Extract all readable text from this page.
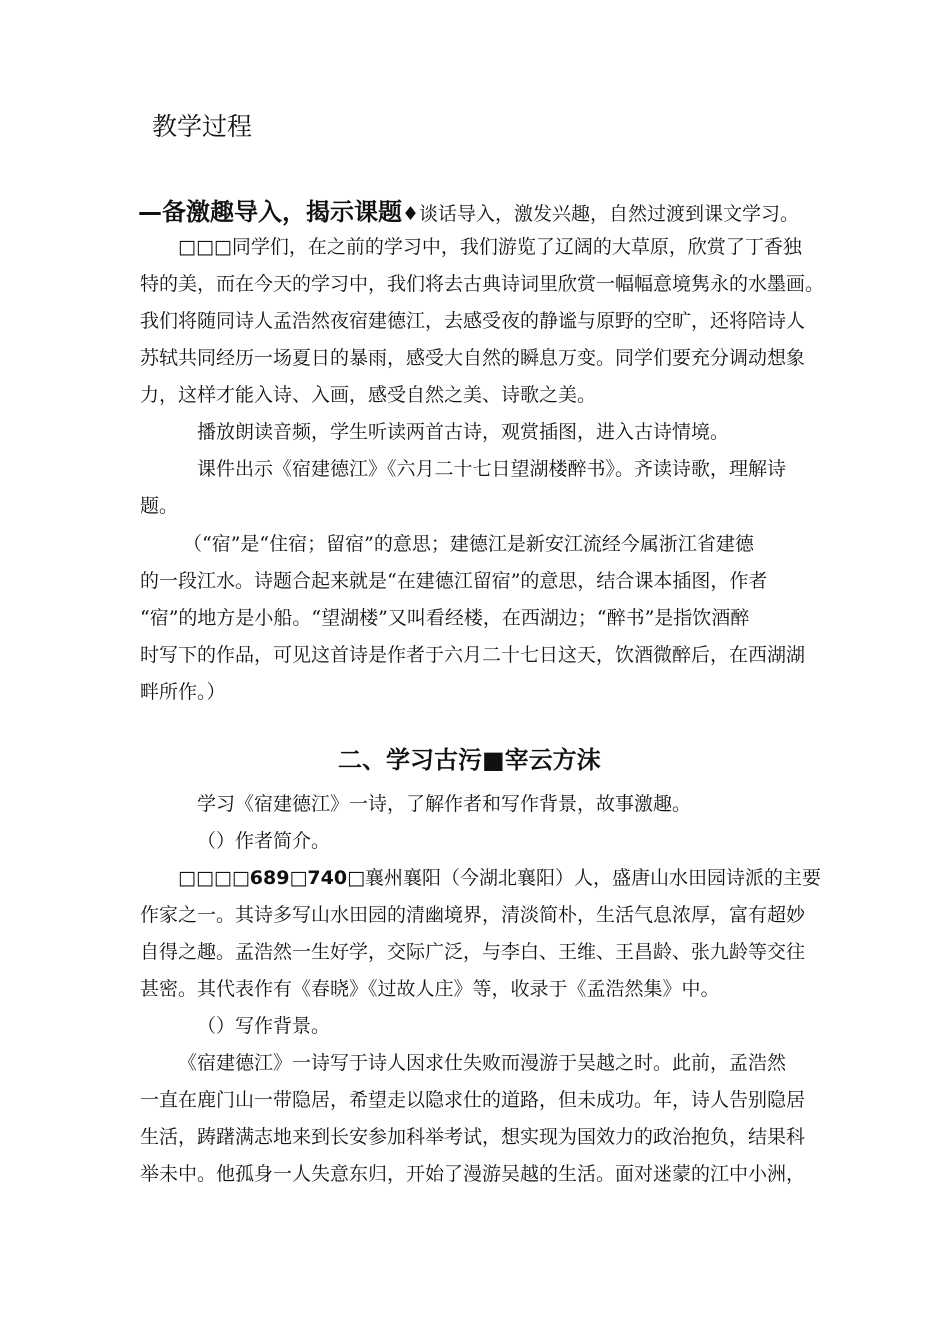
教学过程
—备激趣导入，揭示课题♦谈话导入，激发兴趣，自然过渡到课文学习。
□□□同学们，在之前的学习中，我们游览了辽阔的大草原，欣赏了丁香独
特的美，而在今天的学习中，我们将去古典诗词里欣赏一幅幅意境隽永的水墨画。
我们将随同诗人孟浩然夜宿建德江，去感受夜的静谧与原野的空旷，还将陪诗人
苏轼共同经历一场夏日的暴雨，感受大自然的瞬息万变。同学们要充分调动想象
力，这样才能入诗、入画，感受自然之美、诗歌之美。
播放朗读音频，学生听读两首古诗，观赏插图，进入古诗情境。
课件出示《宿建德江》《六月二十七日望湖楼醉书》。齐读诗歌，理解诗
题。
（“宿”是“住宿；留宿”的意思；建德江是新安江流经今属浙江省建德
的一段江水。诗题合起来就是“在建德江留宿”的意思，结合课本插图，作者
“宿”的地方是小船。“望湖楼”又叫看经楼，在西湖边；“醉书”是指饮酒醉
时写下的作品，可见这首诗是作者于六月二十七日这天，饮酒微醉后，在西湖湖
畔所作。）
二、学习古污■宰云方沫
学习《宿建德江》一诗，了解作者和写作背景，故事激趣。
（）作者简介。
□□□□689□740□襄州襄阳（今湖北襄阳）人，盛唐山水田园诗派的主要
作家之一。其诗多写山水田园的清幽境界，清淡简朴，生活气息浓厚，富有超妙
自得之趣。孟浩然一生好学，交际广泛，与李白、王维、王昌龄、张九龄等交往
甚密。其代表作有《春晓》《过故人庄》等，收录于《孟浩然集》中。
（）写作背景。
《宿建德江》一诗写于诗人因求仕失败而漫游于吴越之时。此前，孟浩然
一直在鹿门山一带隐居，希望走以隐求仕的道路，但未成功。年，诗人告别隐居
生活，踌躇满志地来到长安参加科举考试，想实现为国效力的政治抱负，结果科
举未中。他孤身一人失意东归，开始了漫游吴越的生活。面对迷蒙的江中小洲，
